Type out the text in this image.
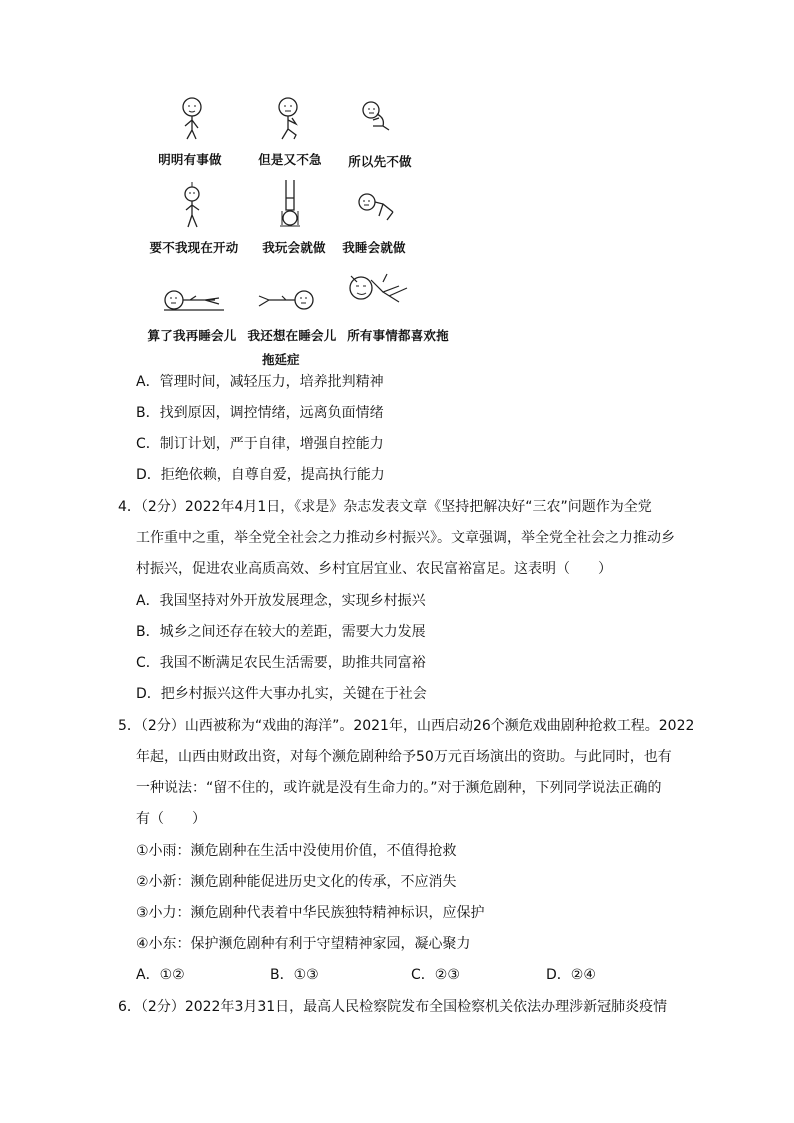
明明有事做	但是又不急	所以先不做
要不我现在开动	我玩会就做	我睡会就做
算了我再睡会儿 我还想在睡会儿 所有事情都喜欢拖
拖延症
A．管理时间，减轻压力，培养批判精神
B．找到原因，调控情绪，远离负面情绪
C．制订计划，严于自律，增强自控能力
D．拒绝依赖，自尊自爱，提高执行能力
4．（2分）2022年4月1日，《求是》杂志发表文章《坚持把解决好“三农”问题作为全党
工作重中之重，举全党全社会之力推动乡村振兴》。文章强调，举全党全社会之力推动乡
村振兴，促进农业高质高效、乡村宜居宜业、农民富裕富足。这表明（　　）
A．我国坚持对外开放发展理念，实现乡村振兴
B．城乡之间还存在较大的差距，需要大力发展
C．我国不断满足农民生活需要，助推共同富裕
D．把乡村振兴这件大事办扎实，关键在于社会
5．（2分）山西被称为“戏曲的海洋”。2021年，山西启动26个濒危戏曲剧种抢救工程。2022
年起，山西由财政出资，对每个濒危剧种给予50万元百场演出的资助。与此同时，也有
一种说法：“留不住的，或许就是没有生命力的。”对于濒危剧种，下列同学说法正确的
有（　　）
①小雨：濒危剧种在生活中没使用价值，不值得抢救
②小新：濒危剧种能促进历史文化的传承，不应消失
③小力：濒危剧种代表着中华民族独特精神标识，应保护
④小东：保护濒危剧种有利于守望精神家园，凝心聚力
A．①②	B．①③	C．②③	D．②④
6．（2分）2022年3月31日，最高人民检察院发布全国检察机关依法办理涉新冠肺炎疫情
